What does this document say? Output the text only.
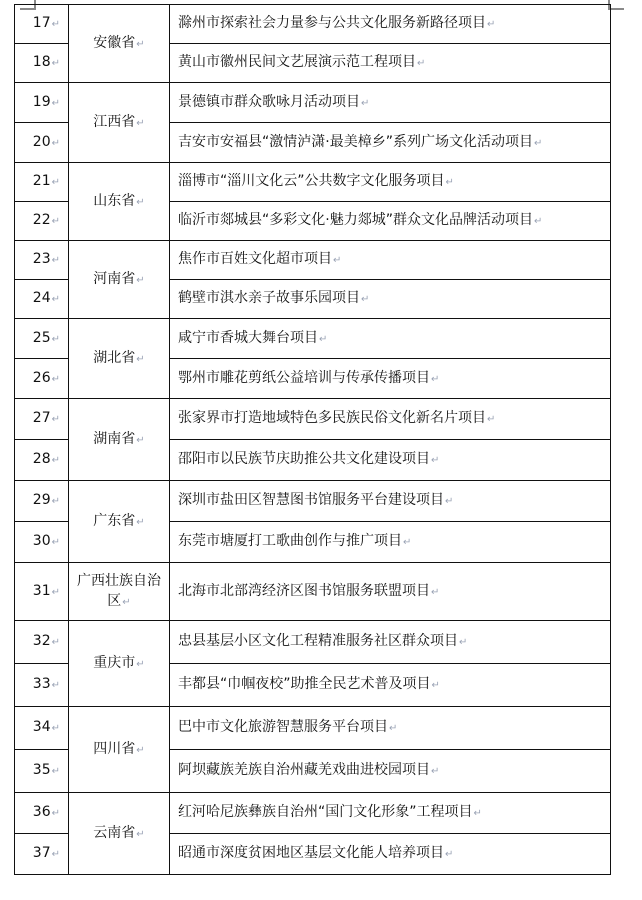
17↵	安徽省↵	滁州市探索社会力量参与公共文化服务新路径项目↵
18↵		黄山市徽州民间文艺展演示范工程项目↵
19↵	江西省↵	景德镇市群众歌咏月活动项目↵
20↵		吉安市安福县“激情泸潇·最美樟乡”系列广场文化活动项目↵
21↵	山东省↵	淄博市“淄川文化云”公共数字文化服务项目↵
22↵		临沂市郯城县“多彩文化·魅力郯城”群众文化品牌活动项目↵
23↵	河南省↵	焦作市百姓文化超市项目↵
24↵		鹤壁市淇水亲子故事乐园项目↵
25↵	湖北省↵	咸宁市香城大舞台项目↵
26↵		鄂州市雕花剪纸公益培训与传承传播项目↵
27↵	湖南省↵	张家界市打造地域特色多民族民俗文化新名片项目↵
28↵		邵阳市以民族节庆助推公共文化建设项目↵
29↵	广东省↵	深圳市盐田区智慧图书馆服务平台建设项目↵
30↵		东莞市塘厦打工歌曲创作与推广项目↵
31↵	广西壮族自治区↵	北海市北部湾经济区图书馆服务联盟项目↵
32↵	重庆市↵	忠县基层小区文化工程精准服务社区群众项目↵
33↵		丰都县“巾帼夜校”助推全民艺术普及项目↵
34↵	四川省↵	巴中市文化旅游智慧服务平台项目↵
35↵		阿坝藏族羌族自治州藏羌戏曲进校园项目↵
36↵	云南省↵	红河哈尼族彝族自治州“国门文化形象”工程项目↵
37↵		昭通市深度贫困地区基层文化能人培养项目↵
